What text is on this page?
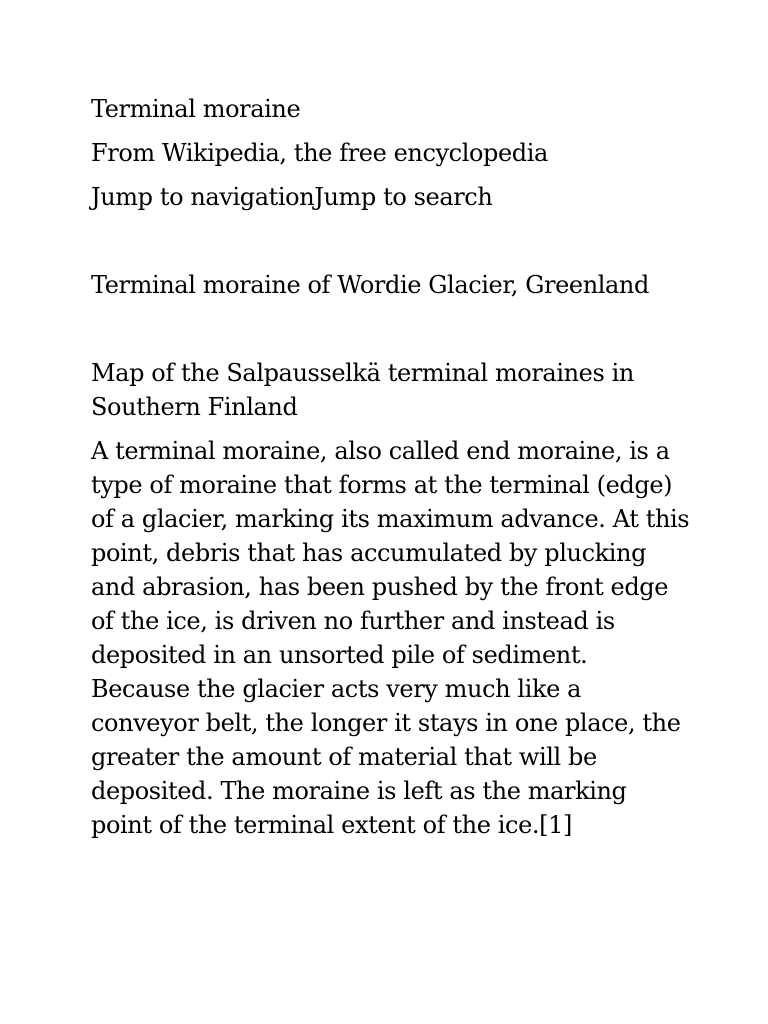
Terminal moraine

From Wikipedia, the free encyclopedia

Jump to navigationJump to search

Terminal moraine of Wordie Glacier, Greenland

Map of the Salpausselkä terminal moraines in Southern Finland

A terminal moraine, also called end moraine, is a type of moraine that forms at the terminal (edge) of a glacier, marking its maximum advance. At this point, debris that has accumulated by plucking and abrasion, has been pushed by the front edge of the ice, is driven no further and instead is deposited in an unsorted pile of sediment. Because the glacier acts very much like a conveyor belt, the longer it stays in one place, the greater the amount of material that will be deposited. The moraine is left as the marking point of the terminal extent of the ice.[1]
